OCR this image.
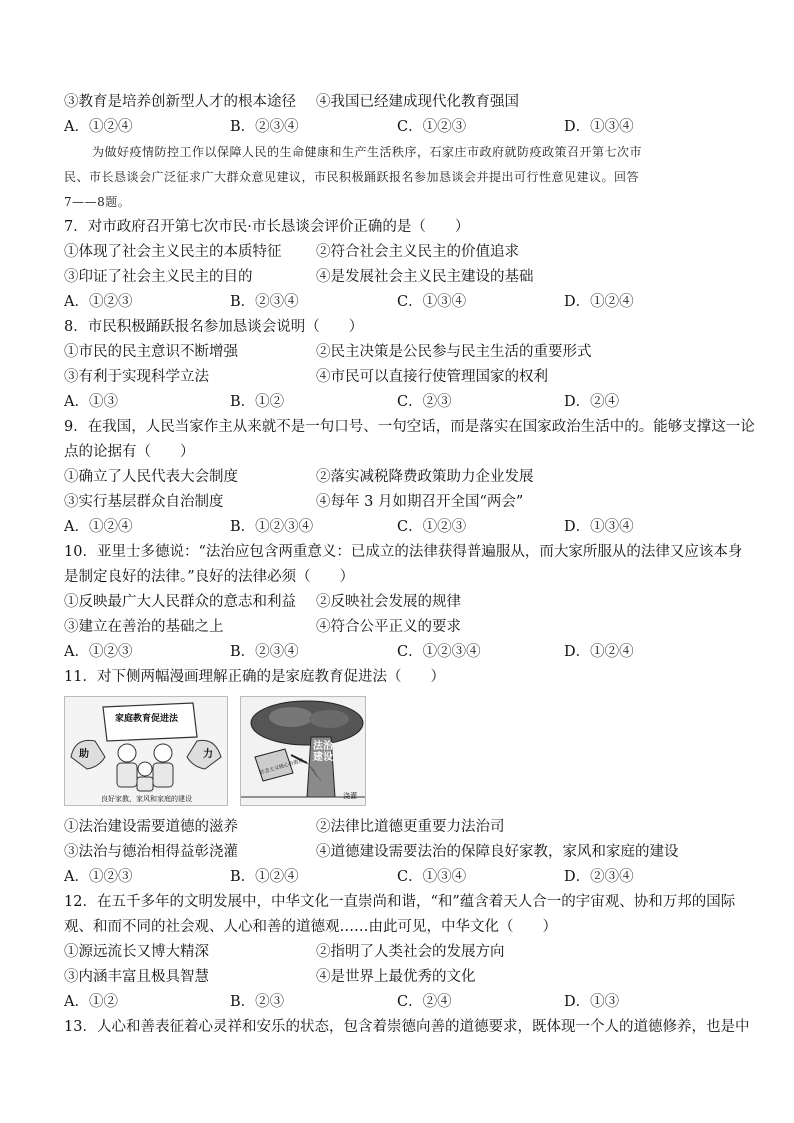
③教育是培养创新型人才的根本途径 ④我国已经建成现代化教育强国
A．①②④	B．②③④	C．①②③	D．①③④
为做好疫情防控工作以保障人民的生命健康和生产生活秩序，石家庄市政府就防疫政策召开第七次市
民、市长恳谈会广泛征求广大群众意见建议，市民积极踊跃报名参加恳谈会并提出可行性意见建议。回答
7——8题。
7．对市政府召开第七次市民·市长恳谈会评价正确的是（　　）
①体现了社会主义民主的本质特征 ②符合社会主义民主的价值追求
③印证了社会主义民主的目的	④是发展社会主义民主建设的基础
A．①②③	B．②③④	C．①③④	D．①②④
8．市民积极踊跃报名参加恳谈会说明（　　）
①市民的民主意识不断增强	②民主决策是公民参与民主生活的重要形式
③有利于实现科学立法	④市民可以直接行使管理国家的权利
A．①③	B．①②	C．②③	D．②④
9．在我国，人民当家作主从来就不是一句口号、一句空话，而是落实在国家政治生活中的。能够支撑这一论
点的论据有（　　）
①确立了人民代表大会制度	②落实减税降费政策助力企业发展
③实行基层群众自治制度	④每年 3 月如期召开全国“两会”
A．①②④	B．①②③④	C．①②③	D．①③④
10．亚里士多德说：“法治应包含两重意义：已成立的法律获得普遍服从，而大家所服从的法律又应该本身
是制定良好的法律。”良好的法律必须（　　）
①反映最广大人民群众的意志和利益 ②反映社会发展的规律
③建立在善治的基础之上	④符合公平正义的要求
A．①②③	B．②③④	C．①②③④	D．①②④
11．对下侧两幅漫画理解正确的是家庭教育促进法（　　）
①法治建设需要道德的滋养	②法律比道德更重要力法治司
③法治与德治相得益彰浇灌	④道德建设需要法治的保障良好家教，家风和家庭的建设
A．①②③	B．①②④	C．①③④	D．②③④
12．在五千多年的文明发展中，中华文化一直崇尚和谐，“和”蕴含着天人合一的宇宙观、协和万邦的国际
观、和而不同的社会观、人心和善的道德观……由此可见，中华文化（　　）
①源远流长又博大精深	②指明了人类社会的发展方向
③内涵丰富且极具智慧	④是世界上最优秀的文化
A．①②	B．②③	C．②④	D．①③
13．人心和善表征着心灵祥和安乐的状态，包含着崇德向善的道德要求，既体现一个人的道德修养，也是中
家庭教育促进法
助	力
良好家教，家风和家庭的建设
法治建设
社会主义核心价值观
浇灌
